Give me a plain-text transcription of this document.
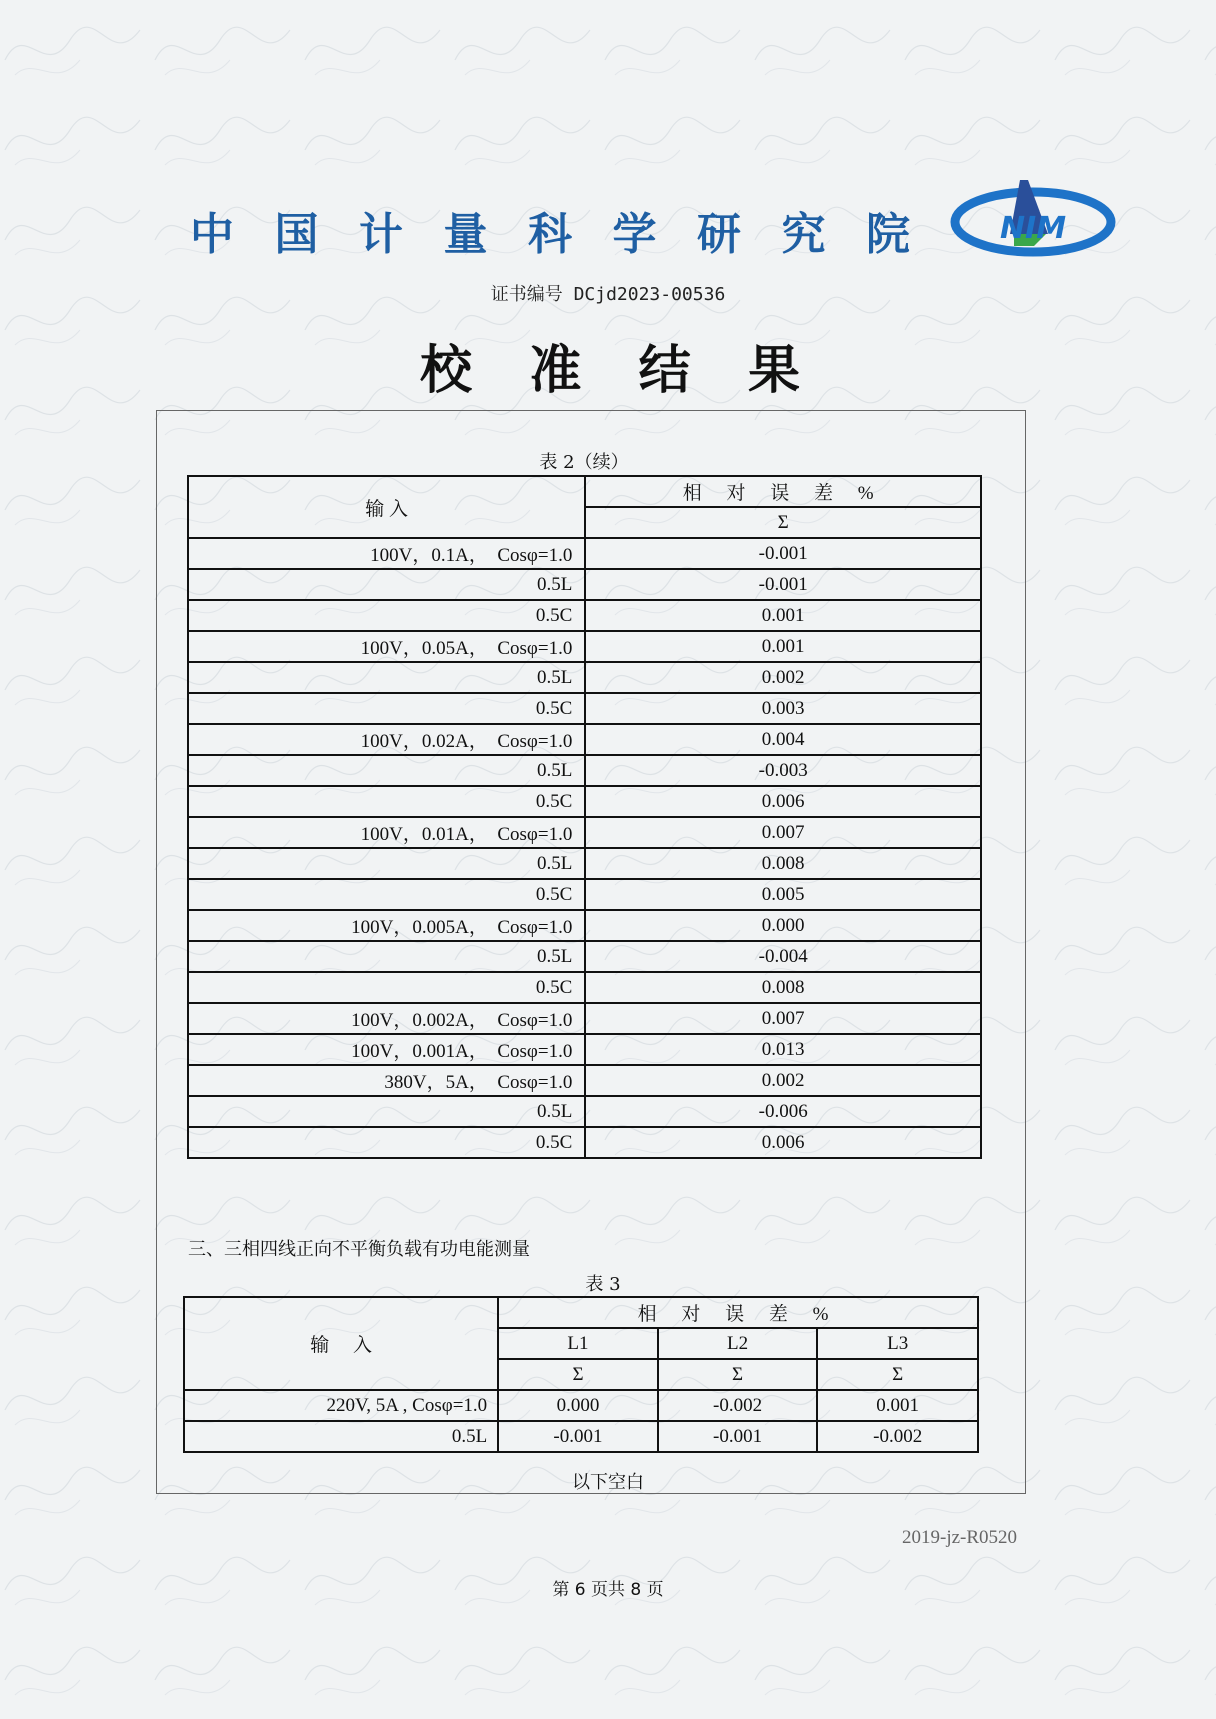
中 国 计 量 科 学 研 究 院	NIM
证书编号 DCjd2023-00536
校 准 结 果
表 2（续）
输 入	相 对 误 差 %
	Σ
100V，0.1A，  Cosφ=1.0	-0.001
0.5L	-0.001
0.5C	0.001
100V，0.05A，  Cosφ=1.0	0.001
0.5L	0.002
0.5C	0.003
100V，0.02A，  Cosφ=1.0	0.004
0.5L	-0.003
0.5C	0.006
100V，0.01A，  Cosφ=1.0	0.007
0.5L	0.008
0.5C	0.005
100V，0.005A，  Cosφ=1.0	0.000
0.5L	-0.004
0.5C	0.008
100V，0.002A，  Cosφ=1.0	0.007
100V，0.001A，  Cosφ=1.0	0.013
380V，5A，  Cosφ=1.0	0.002
0.5L	-0.006
0.5C	0.006
三、三相四线正向不平衡负载有功电能测量
表 3
输     入	相 对 误 差 %		
	L1	L2	L3
	Σ	Σ	Σ
220V, 5A , Cosφ=1.0	0.000	-0.002	0.001
0.5L	-0.001	-0.001	-0.002
以下空白
2019-jz-R0520
第 6 页共 8 页
